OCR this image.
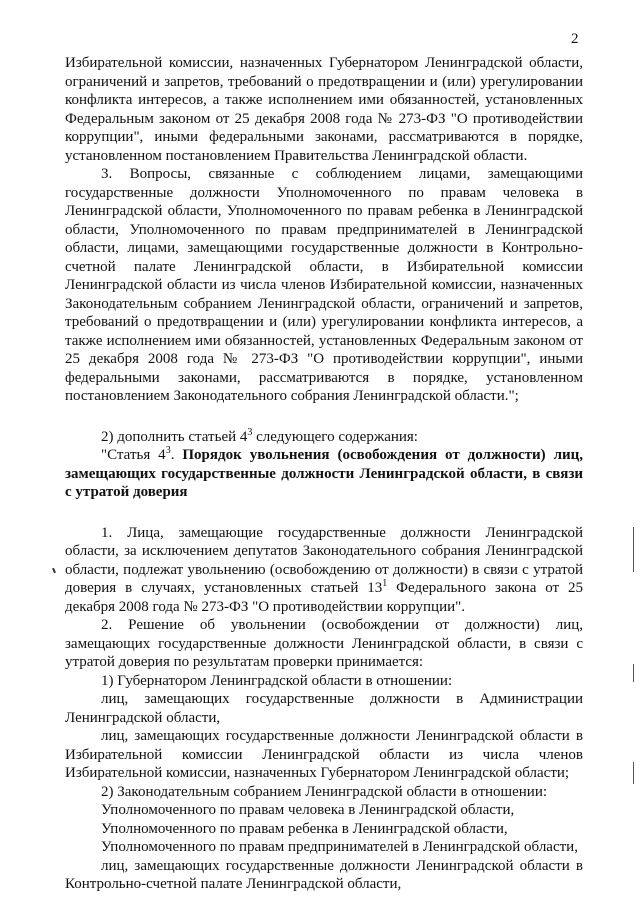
2

Избирательной комиссии, назначенных Губернатором Ленинградской области, ограничений и запретов, требований о предотвращении и (или) урегулировании конфликта интересов, а также исполнением ими обязанностей, установленных Федеральным законом от 25 декабря 2008 года № 273-ФЗ "О противодействии коррупции", иными федеральными законами, рассматриваются в порядке, установленном постановлением Правительства Ленинградской области.

3. Вопросы, связанные с соблюдением лицами, замещающими государственные должности Уполномоченного по правам человека в Ленинградской области, Уполномоченного по правам ребенка в Ленинградской области, Уполномоченного по правам предпринимателей в Ленинградской области, лицами, замещающими государственные должности в Контрольно-счетной палате Ленинградской области, в Избирательной комиссии Ленинградской области из числа членов Избирательной комиссии, назначенных Законодательным собранием Ленинградской области, ограничений и запретов, требований о предотвращении и (или) урегулировании конфликта интересов, а также исполнением ими обязанностей, установленных Федеральным законом от 25 декабря 2008 года № 273-ФЗ "О противодействии коррупции", иными федеральными законами, рассматриваются в порядке, установленном постановлением Законодательного собрания Ленинградской области.";

2) дополнить статьей $4^3$ следующего содержания:

"Статья $4^3$. Порядок увольнения (освобождения от должности) лиц, замещающих государственные должности Ленинградской области, в связи с утратой доверия

1. Лица, замещающие государственные должности Ленинградской области, за исключением депутатов Законодательного собрания Ленинградской области, подлежат увольнению (освобождению от должности) в связи с утратой доверия в случаях, установленных статьей $13^1$ Федерального закона от 25 декабря 2008 года № 273-ФЗ "О противодействии коррупции".

2. Решение об увольнении (освобождении от должности) лиц, замещающих государственные должности Ленинградской области, в связи с утратой доверия по результатам проверки принимается:

1) Губернатором Ленинградской области в отношении:

лиц, замещающих государственные должности в Администрации Ленинградской области,

лиц, замещающих государственные должности Ленинградской области в Избирательной комиссии Ленинградской области из числа членов Избирательной комиссии, назначенных Губернатором Ленинградской области;

2) Законодательным собранием Ленинградской области в отношении:

Уполномоченного по правам человека в Ленинградской области,

Уполномоченного по правам ребенка в Ленинградской области,

Уполномоченного по правам предпринимателей в Ленинградской области,

лиц, замещающих государственные должности Ленинградской области в Контрольно-счетной палате Ленинградской области,
